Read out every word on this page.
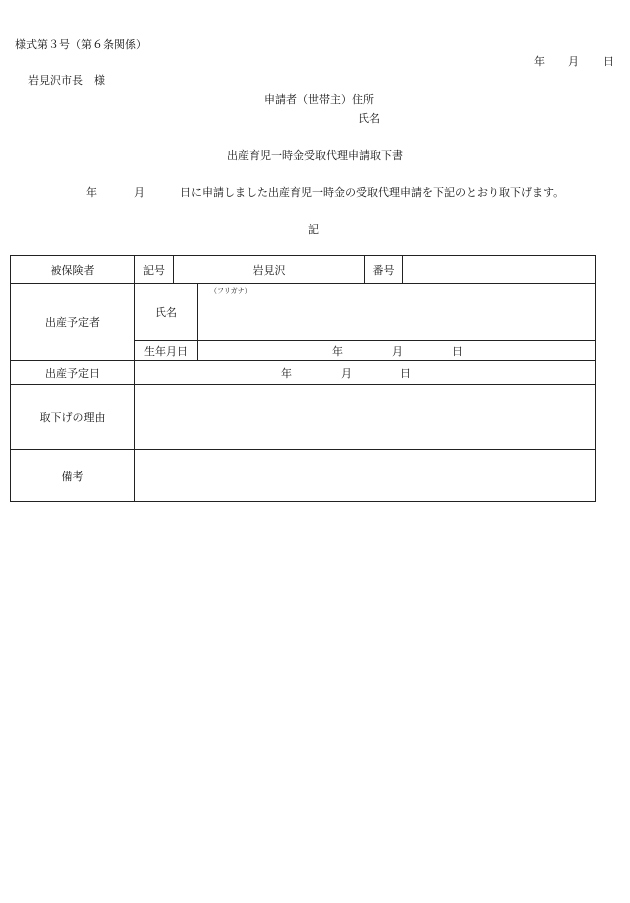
様式第３号（第６条関係）
年 月 日
岩見沢市長　様
申請者（世帯主）住所
氏名
出産育児一時金受取代理申請取下書
年	月	日に申請しました出産育児一時金の受取代理申請を下記のとおり取下げます。
記
被保険者	記号	岩見沢		番号	
出産予定者	氏名		（フリガナ）		

	生年月日		年 月 日		

出産予定日	年 月 日				

取下げの理由					
備考					
